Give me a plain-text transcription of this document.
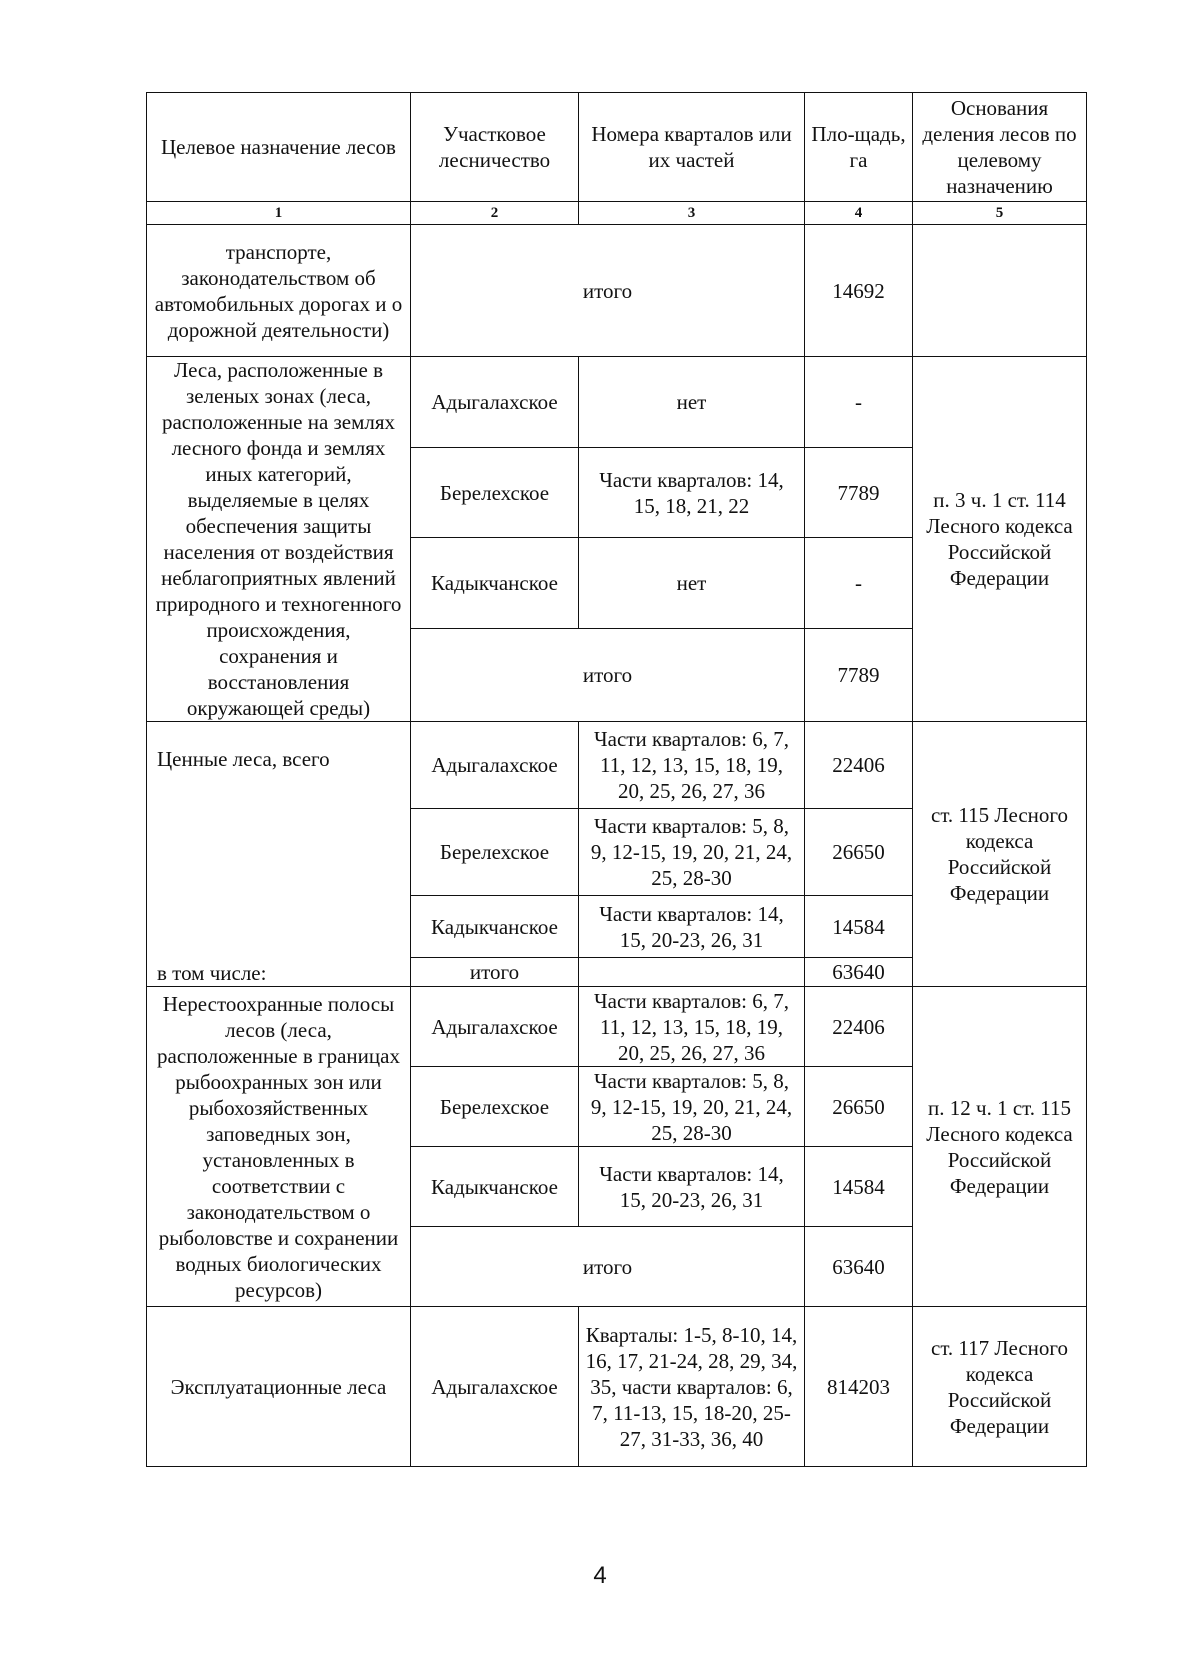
Целевое назначение лесов	Участковое лесничество	Номера кварталов или их частей	Пло-щадь, га	Основания деления лесов по целевому назначению
1	2	3	4	5
транспорте, законодательством об автомобильных дорогах и о дорожной деятельности)	итого		14692	
Леса, расположенные в зеленых зонах (леса, расположенные на землях лесного фонда и землях иных категорий, выделяемые в целях обеспечения защиты населения от воздействия неблагоприятных явлений природного и техногенного происхождения, сохранения и восстановления окружающей среды)	Адыгалахское	нет	-	п. 3 ч. 1 ст. 114 Лесного кодекса Российской Федерации
	Берелехское	Части кварталов: 14, 15, 18, 21, 22	7789	
	Кадыкчанское	нет	-	
	итого		7789	

Ценные леса, всего
в том числе:	Адыгалахское	Части кварталов: 6, 7, 11, 12, 13, 15, 18, 19, 20, 25, 26, 27, 36	22406	ст. 115 Лесного кодекса Российской Федерации
	Берелехское	Части кварталов: 5, 8, 9, 12-15, 19, 20, 21, 24, 25, 28-30	26650	
	Кадыкчанское	Части кварталов: 14, 15, 20-23, 26, 31	14584	
	итого		63640	
Нерестоохранные полосы лесов (леса, расположенные в границах рыбоохранных зон или рыбохозяйственных заповедных зон, установленных в соответствии с законодательством о рыболовстве и сохранении водных биологических ресурсов)	Адыгалахское	Части кварталов: 6, 7, 11, 12, 13, 15, 18, 19, 20, 25, 26, 27, 36	22406	п. 12 ч. 1 ст. 115 Лесного кодекса Российской Федерации
	Берелехское	Части кварталов: 5, 8, 9, 12-15, 19, 20, 21, 24, 25, 28-30	26650	
	Кадыкчанское	Части кварталов: 14, 15, 20-23, 26, 31	14584	
	итого		63640	
Эксплуатационные леса	Адыгалахское	Кварталы: 1-5, 8-10, 14, 16, 17, 21-24, 28, 29, 34, 35, части кварталов: 6, 7, 11-13, 15, 18-20, 25-27, 31-33, 36, 40	814203	ст. 117 Лесного кодекса Российской Федерации
4
